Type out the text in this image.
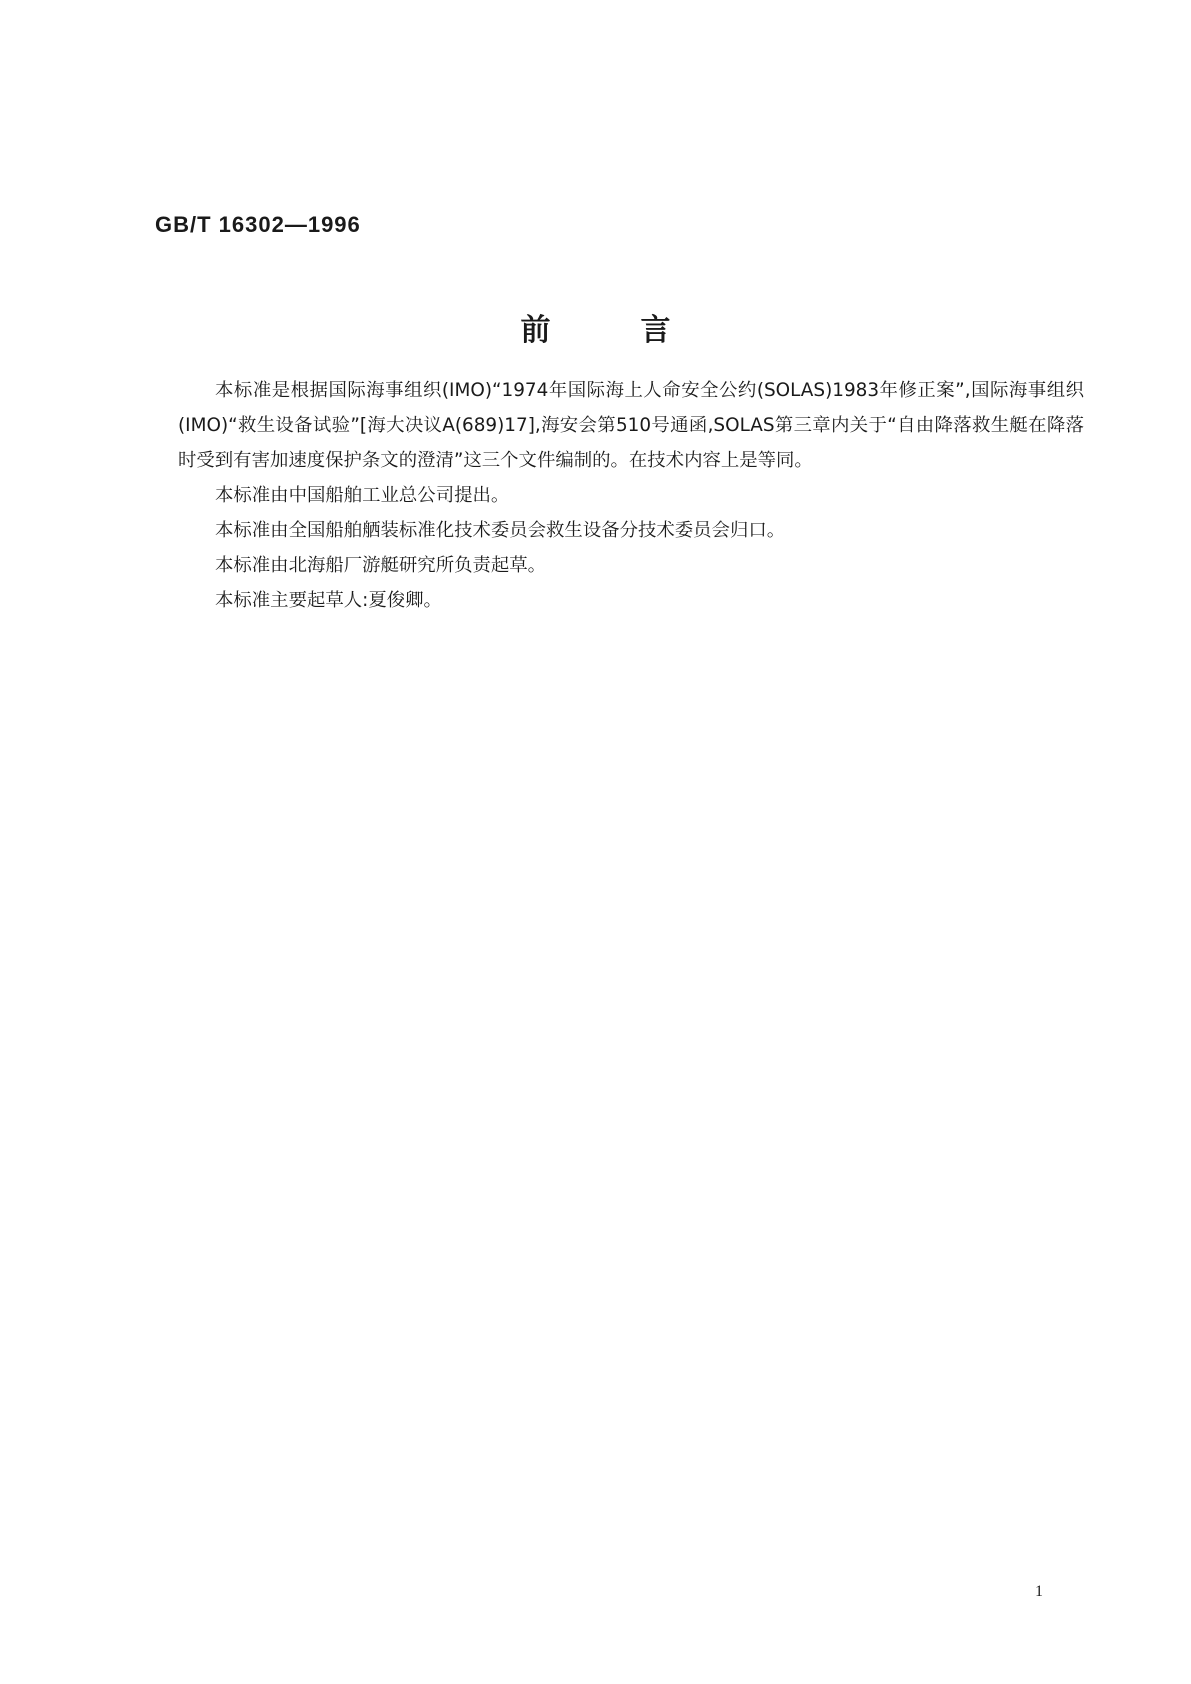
GB/T 16302—1996
前言

本标准是根据国际海事组织(IMO)“1974年国际海上人命安全公约(SOLAS)1983年修正案”,国际海事组织(IMO)“救生设备试验”[海大决议A(689)17],海安会第510号通函,SOLAS第三章内关于“自由降落救生艇在降落时受到有害加速度保护条文的澄清”这三个文件编制的。在技术内容上是等同。

本标准由中国船舶工业总公司提出。

本标准由全国船舶舾装标准化技术委员会救生设备分技术委员会归口。

本标准由北海船厂游艇研究所负责起草。

本标准主要起草人:夏俊卿。

1
